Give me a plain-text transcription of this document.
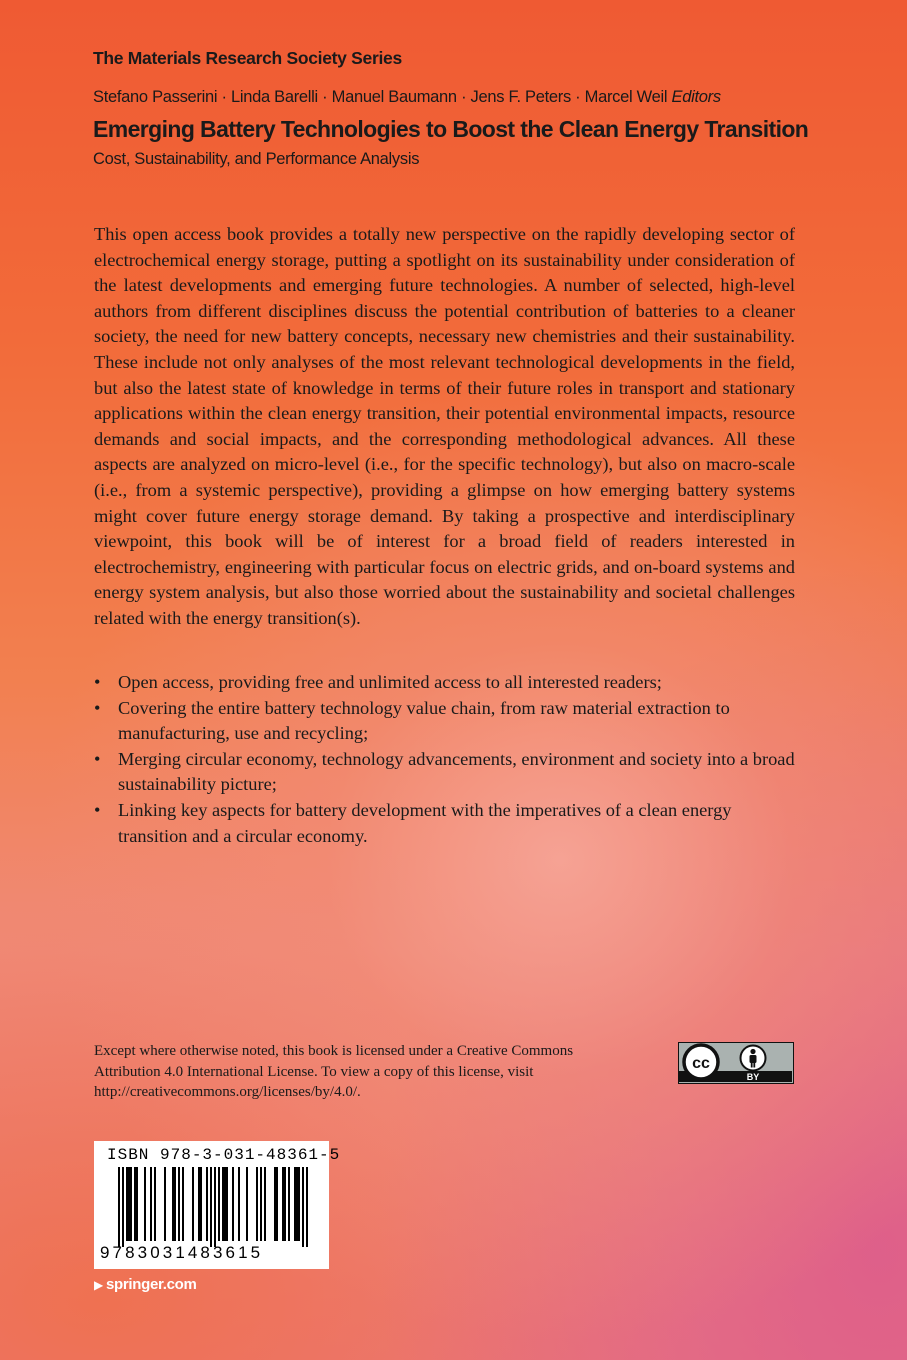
The Materials Research Society Series
Stefano Passerini · Linda Barelli · Manuel Baumann · Jens F. Peters · Marcel Weil Editors
Emerging Battery Technologies to Boost the Clean Energy Transition
Cost, Sustainability, and Performance Analysis

This open access book provides a totally new perspective on the rapidly developing sector of electrochemical energy storage, putting a spotlight on its sustainability under consideration of the latest developments and emerging future technologies. A number of selected, high-level authors from different disciplines discuss the potential contribution of batteries to a cleaner society, the need for new battery concepts, necessary new chemistries and their sustainability. These include not only analyses of the most relevant technological developments in the field, but also the latest state of knowledge in terms of their future roles in transport and stationary applications within the clean energy transition, their potential environmental impacts, resource demands and social impacts, and the corresponding methodological advances. All these aspects are analyzed on micro-level (i.e., for the specific technology), but also on macro-scale (i.e., from a systemic perspective), providing a glimpse on how emerging battery systems might cover future energy storage demand. By taking a prospective and interdisciplinary viewpoint, this book will be of interest for a broad field of readers interested in electrochemistry, engineering with particular focus on electric grids, and on-board systems and energy system analysis, but also those worried about the sustainability and societal challenges related with the energy transition(s).

• Open access, providing free and unlimited access to all interested readers;
• Covering the entire battery technology value chain, from raw material extraction to manufacturing, use and recycling;
• Merging circular economy, technology advancements, environment and society into a broad sustainability picture;
• Linking key aspects for battery development with the imperatives of a clean energy transition and a circular economy.
Except where otherwise noted, this book is licensed under a Creative Commons Attribution 4.0 International License. To view a copy of this license, visit http://creativecommons.org/licenses/by/4.0/.
cc
BY
ISBN 978-3-031-48361-5
9783031483615
▶ springer.com
